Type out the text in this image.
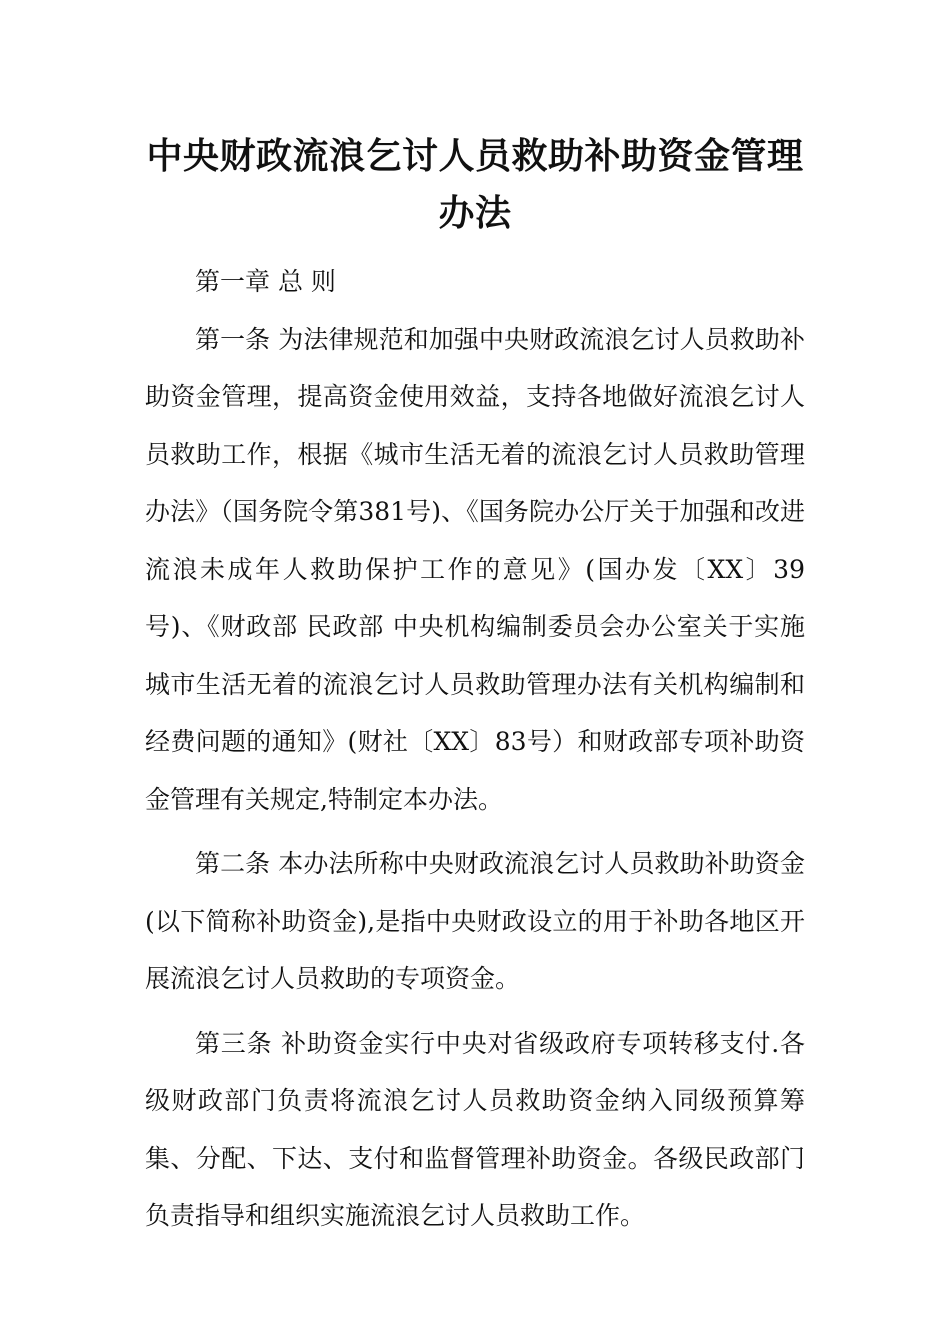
中央财政流浪乞讨人员救助补助资金管理办法

第一章 总 则

第一条 为法律规范和加强中央财政流浪乞讨人员救助补助资金管理，提高资金使用效益，支持各地做好流浪乞讨人员救助工作，根据《城市生活无着的流浪乞讨人员救助管理办法》（国务院令第381号)、《国务院办公厅关于加强和改进流浪未成年人救助保护工作的意见》(国办发〔XX〕39号)、《财政部 民政部 中央机构编制委员会办公室关于实施城市生活无着的流浪乞讨人员救助管理办法有关机构编制和经费问题的通知》(财社〔XX〕83号）和财政部专项补助资金管理有关规定,特制定本办法。

第二条 本办法所称中央财政流浪乞讨人员救助补助资金(以下简称补助资金),是指中央财政设立的用于补助各地区开展流浪乞讨人员救助的专项资金。

第三条 补助资金实行中央对省级政府专项转移支付.各级财政部门负责将流浪乞讨人员救助资金纳入同级预算筹集、分配、下达、支付和监督管理补助资金。各级民政部门负责指导和组织实施流浪乞讨人员救助工作。
